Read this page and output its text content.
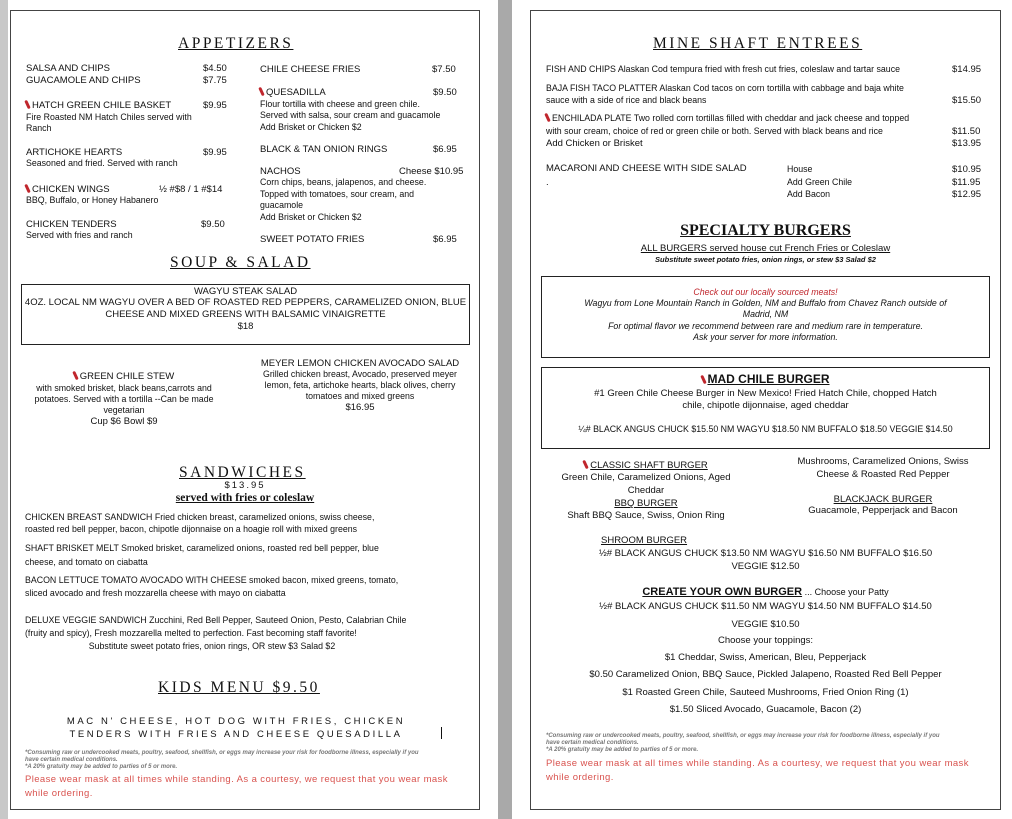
APPETIZERS
SALSA AND CHIPS	$4.50
GUACAMOLE AND CHIPS	$7.75
HATCH GREEN CHILE BASKET	$9.95
Fire Roasted NM Hatch Chiles served with
Ranch
ARTICHOKE HEARTS	$9.95
Seasoned and fried. Served with ranch
CHICKEN WINGS	½ #$8 / 1 #$14
BBQ, Buffalo, or Honey Habanero
CHICKEN TENDERS	$9.50
Served with fries and ranch
CHILE CHEESE FRIES	$7.50
QUESADILLA	$9.50
Flour tortilla with cheese and green chile.
Served with salsa, sour cream and guacamole
Add Brisket or Chicken $2
BLACK & TAN ONION RINGS	$6.95
NACHOS	Cheese $10.95
Corn chips, beans, jalapenos, and cheese.
Topped with tomatoes, sour cream, and
guacamole
Add Brisket or Chicken $2
SWEET POTATO FRIES	$6.95
SOUP & SALAD
WAGYU STEAK SALAD
4OZ. LOCAL NM WAGYU OVER A BED OF ROASTED RED PEPPERS, CARAMELIZED ONION, BLUE
CHEESE AND MIXED GREENS WITH BALSAMIC VINAIGRETTE
$18
GREEN CHILE STEW
with smoked brisket, black beans,carrots and
potatoes. Served with a tortilla --Can be made
vegetarian
Cup $6 Bowl $9
MEYER LEMON CHICKEN AVOCADO SALAD
Grilled chicken breast, Avocado, preserved meyer
lemon, feta, artichoke hearts, black olives, cherry
tomatoes and mixed greens
$16.95
SANDWICHES
$13.95
served with fries or coleslaw
CHICKEN BREAST SANDWICH Fried chicken breast, caramelized onions, swiss cheese,
roasted red bell pepper, bacon, chipotle dijonnaise on a hoagie roll with mixed greens
SHAFT BRISKET MELT Smoked brisket, caramelized onions, roasted red bell pepper, blue
cheese, and tomato on ciabatta
BACON LETTUCE TOMATO AVOCADO WITH CHEESE smoked bacon, mixed greens, tomato,
sliced avocado and fresh mozzarella cheese with mayo on ciabatta
DELUXE VEGGIE SANDWICH Zucchini, Red Bell Pepper, Sauteed Onion, Pesto, Calabrian Chile
(fruity and spicy), Fresh mozzarella melted to perfection. Fast becoming staff favorite!
Substitute sweet potato fries, onion rings, OR stew $3 Salad $2
KIDS MENU $9.50
MAC N' CHEESE, HOT DOG WITH FRIES, CHICKEN
TENDERS WITH FRIES AND CHEESE QUESADILLA
*Consuming raw or undercooked meats, poultry, seafood, shellfish, or eggs may increase your risk for foodborne illness, especially if you
have certain medical conditions.
*A 20% gratuity may be added to parties of 5 or more.
Please wear mask at all times while standing. As a courtesy, we request that you wear mask
while ordering.
MINE SHAFT ENTREES
FISH AND CHIPS Alaskan Cod tempura fried with fresh cut fries, coleslaw and tartar sauce	$14.95
BAJA FISH TACO PLATTER Alaskan Cod tacos on corn tortilla with cabbage and baja white
sauce with a side of rice and black beans	$15.50
ENCHILADA PLATE Two rolled corn tortillas filled with cheddar and jack cheese and topped
with sour cream, choice of red or green chile or both. Served with black beans and rice	$11.50
Add Chicken or Brisket	$13.95
MACARONI AND CHEESE WITH SIDE SALAD
.
House	$10.95
Add Green Chile	$11.95
Add Bacon	$12.95
SPECIALTY BURGERS
ALL BURGERS served house cut French Fries or Coleslaw
Substitute sweet potato fries, onion rings, or stew $3 Salad $2
Check out our locally sourced meats!
Wagyu from Lone Mountain Ranch in Golden, NM and Buffalo from Chavez Ranch outside of
Madrid, NM
For optimal flavor we recommend between rare and medium rare in temperature.
Ask your server for more information.
MAD CHILE BURGER
#1 Green Chile Cheese Burger in New Mexico! Fried Hatch Chile, chopped Hatch
chile, chipotle dijonnaise, aged cheddar
¼# BLACK ANGUS CHUCK $15.50 NM WAGYU $18.50 NM BUFFALO $18.50 VEGGIE $14.50
CLASSIC SHAFT BURGER
Green Chile, Caramelized Onions, Aged
Cheddar
Mushrooms, Caramelized Onions, Swiss
Cheese & Roasted Red Pepper
BBQ BURGER
Shaft BBQ Sauce, Swiss, Onion Ring
BLACKJACK BURGER
Guacamole, Pepperjack and Bacon
SHROOM BURGER
½# BLACK ANGUS CHUCK $13.50 NM WAGYU $16.50 NM BUFFALO $16.50
VEGGIE $12.50
CREATE YOUR OWN BURGER ... Choose your Patty
½# BLACK ANGUS CHUCK $11.50 NM WAGYU $14.50 NM BUFFALO $14.50
VEGGIE $10.50
Choose your toppings:
$1 Cheddar, Swiss, American, Bleu, Pepperjack
$0.50 Caramelized Onion, BBQ Sauce, Pickled Jalapeno, Roasted Red Bell Pepper
$1 Roasted Green Chile, Sauteed Mushrooms, Fried Onion Ring (1)
$1.50 Sliced Avocado, Guacamole, Bacon (2)
*Consuming raw or undercooked meats, poultry, seafood, shellfish, or eggs may increase your risk for foodborne illness, especially if you
have certain medical conditions.
*A 20% gratuity may be added to parties of 5 or more.
Please wear mask at all times while standing. As a courtesy, we request that you wear mask
while ordering.
